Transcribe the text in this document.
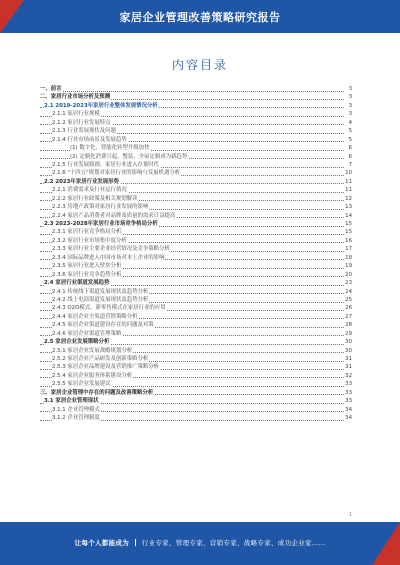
家居企业管理改善策略研究报告
内容目录
一、前言	3
二、家居行业市场分析及预测	3
2.1 2019-2023年家居行业整体发展情况分析	3
2.1.1 家居行业规模	3
2.1.2 家居行业发展特点	4
2.1.3 行业发展现状及问题	5
2.1.4 行业市场前景及发展趋势	5
(1) 数字化、智能化转型升级加快	6
(2) 定制化消费兴起，整装、全屋定制成为新趋势	6
2.1.5 行业发展瓶颈、家居行业进入存量时代	7
2.1.6 "十四五"规划对家居行业的影响与发展机遇分析	10
2.2 2023年家居行业发展形势	11
2.2.1 消费需求及行业运行情况	11
2.2.2 家居行业政策及相关规划解读	12
2.2.3 房地产政策对家居行业发展的影响	13
2.2.4 家居产品消费者对品牌及质量的需求日益提高	14
2.3 2023-2028年家居行业市场竞争格局分析	15
2.3.1 家居行业竞争格局分析	15
2.3.2 家居行业市场集中度分析	16
2.3.3 家居行业主要企业经营情况及竞争策略分析	17
2.3.4 国际品牌进入中国市场对本土企业的影响	18
2.3.5 家居行业进入壁垒分析	19
2.3.6 家居行业竞争趋势分析	20
2.4 家居行业渠道发展趋势	23
2.4.1 传统线下渠道发展现状及趋势分析	24
2.4.2 线上电商渠道发展现状及趋势分析	25
2.4.3 O2O模式、新零售模式在家居行业的应用	26
2.4.4 家居企业全渠道营销策略分析	27
2.4.5 家居企业渠道建设存在的问题及对策	28
2.4.6 家居企业渠道管理策略	29
2.5 家居企业发展策略分析	30
2.5.1 家居企业发展战略规划分析	30
2.5.2 家居企业产品研发及创新策略分析	31
2.5.3 家居企业品牌建设及营销推广策略分析	31
2.5.4 家居企业服务体系建设分析	32
2.5.5 家居企业发展建议	33
三、家居企业管理中存在的问题及改善策略分析	33
3.1 家居企业管理现状	33
3.1.1 企业管理模式	34
3.1.2 企业管理制度	34
1
让每个人都能成为 行业专家、管理专家、营销专家、战略专家、成功企业家……
